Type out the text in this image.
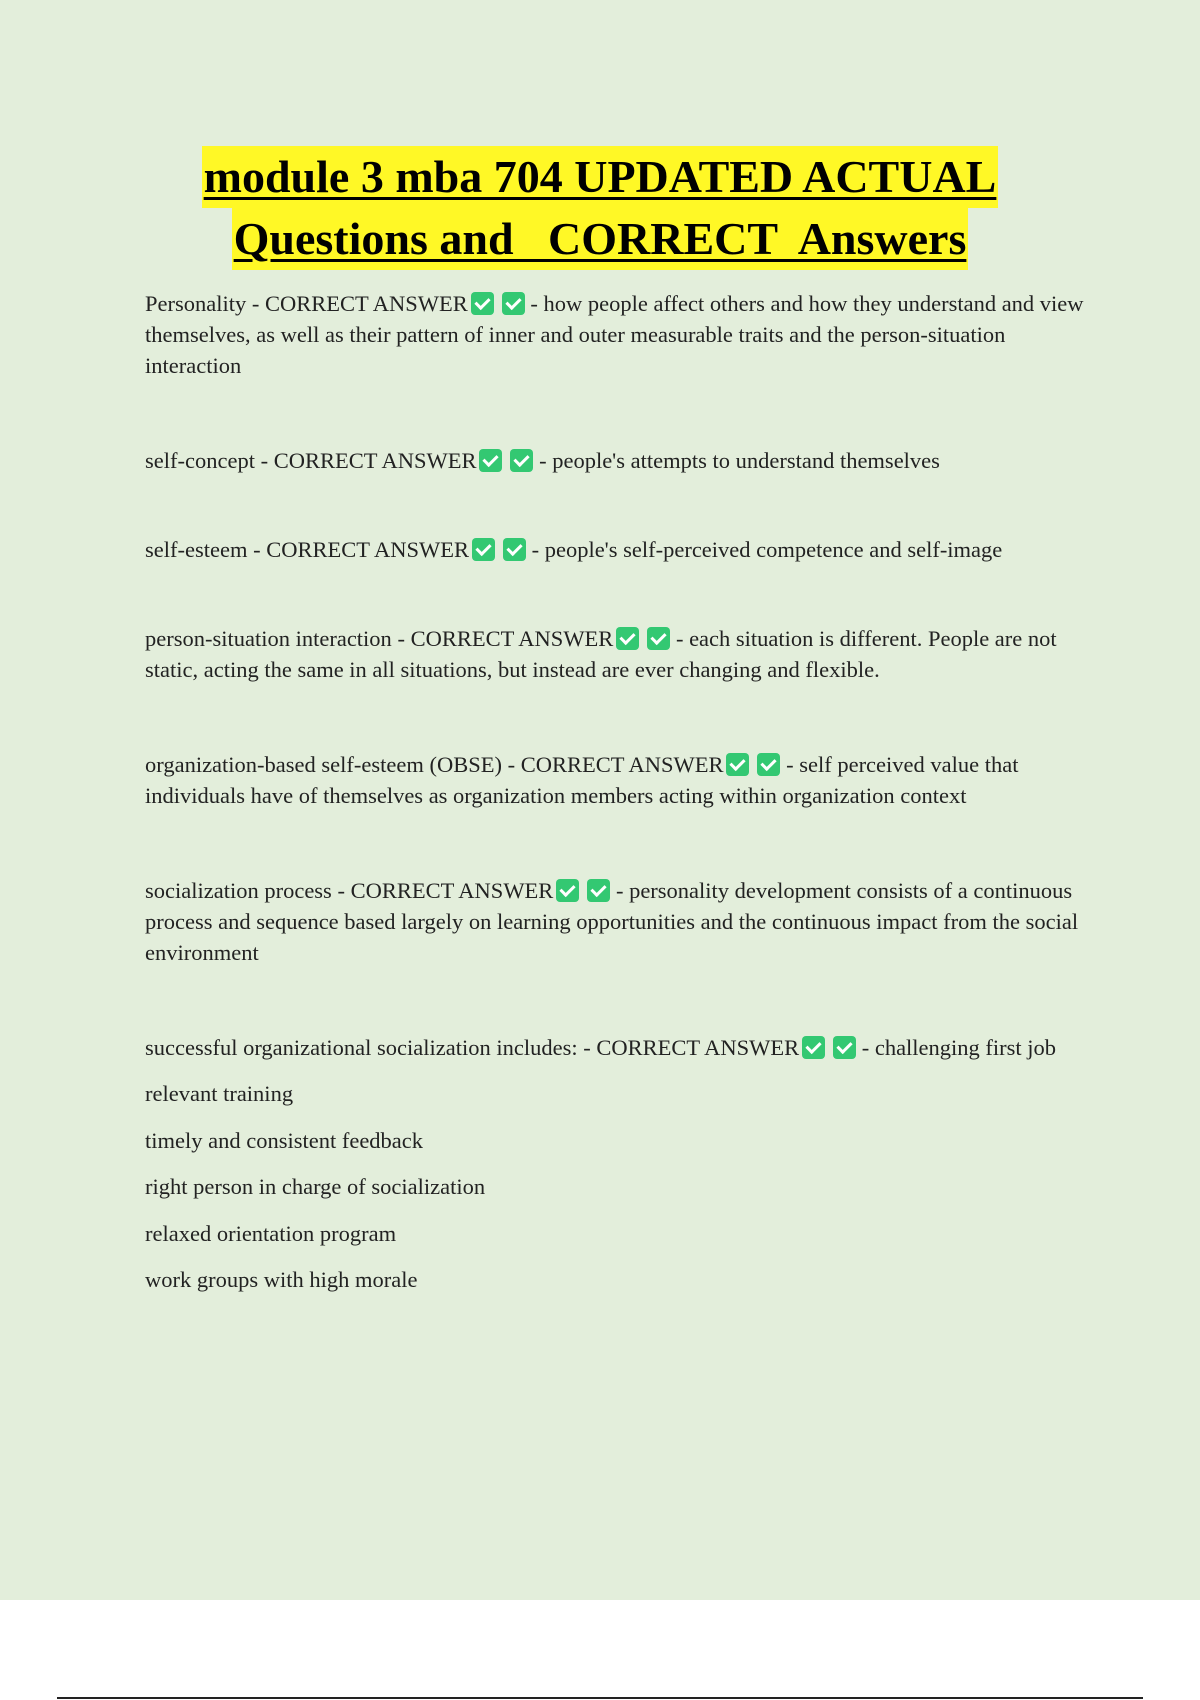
module 3 mba 704 UPDATED ACTUAL
Questions and   CORRECT  Answers

Personality - CORRECT ANSWER	- how people affect others and how they understand and view themselves, as well as their pattern of inner and outer measurable traits and the person-situation interaction

self-concept - CORRECT ANSWER	- people's attempts to understand themselves

self-esteem - CORRECT ANSWER	- people's self-perceived competence and self-image

person-situation interaction - CORRECT ANSWER	- each situation is different. People are not static, acting the same in all situations, but instead are ever changing and flexible.

organization-based self-esteem (OBSE) - CORRECT ANSWER	- self perceived value that individuals have of themselves as organization members acting within organization context

socialization process - CORRECT ANSWER	- personality development consists of a continuous process and sequence based largely on learning opportunities and the continuous impact from the social environment

successful organizational socialization includes: - CORRECT ANSWER	- challenging first job

relevant training
timely and consistent feedback
right person in charge of socialization
relaxed orientation program
work groups with high morale
